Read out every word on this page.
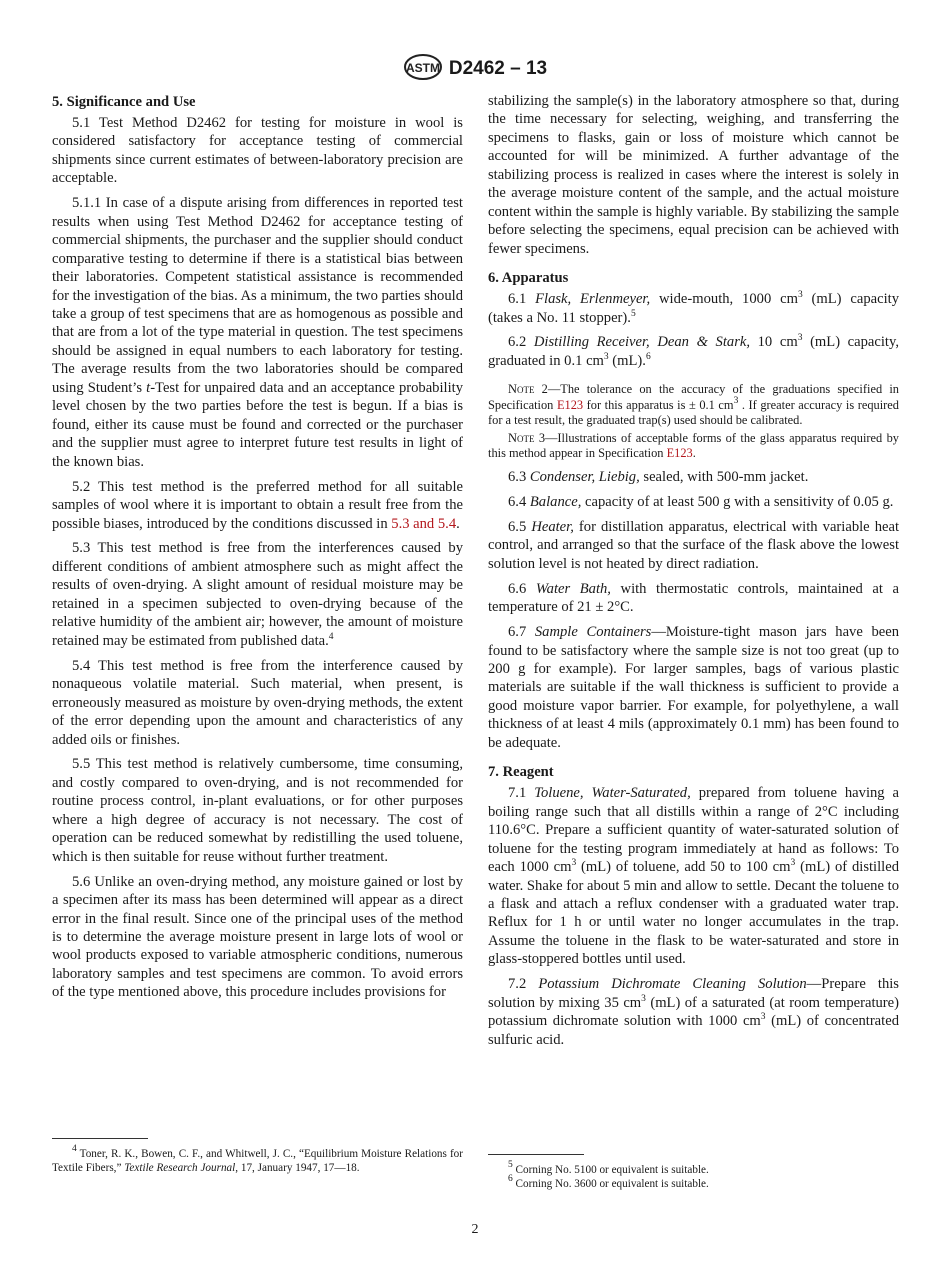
ASTM D2462 – 13
5. Significance and Use

5.1 Test Method D2462 for testing for moisture in wool is considered satisfactory for acceptance testing of commercial shipments since current estimates of between-laboratory precision are acceptable.

5.1.1 In case of a dispute arising from differences in reported test results when using Test Method D2462 for acceptance testing of commercial shipments, the purchaser and the supplier should conduct comparative testing to determine if there is a statistical bias between their laboratories. Competent statistical assistance is recommended for the investigation of the bias. As a minimum, the two parties should take a group of test specimens that are as homogenous as possible and that are from a lot of the type material in question. The test specimens should be assigned in equal numbers to each laboratory for testing. The average results from the two laboratories should be compared using Student’s t-Test for unpaired data and an acceptance probability level chosen by the two parties before the test is begun. If a bias is found, either its cause must be found and corrected or the purchaser and the supplier must agree to interpret future test results in light of the known bias.

5.2 This test method is the preferred method for all suitable samples of wool where it is important to obtain a result free from the possible biases, introduced by the conditions discussed in 5.3 and 5.4.

5.3 This test method is free from the interferences caused by different conditions of ambient atmosphere such as might affect the results of oven-drying. A slight amount of residual moisture may be retained in a specimen subjected to oven-drying because of the relative humidity of the ambient air; however, the amount of moisture retained may be estimated from published data.$^4$

5.4 This test method is free from the interference caused by nonaqueous volatile material. Such material, when present, is erroneously measured as moisture by oven-drying methods, the extent of the error depending upon the amount and characteristics of any added oils or finishes.

5.5 This test method is relatively cumbersome, time consuming, and costly compared to oven-drying, and is not recommended for routine process control, in-plant evaluations, or for other purposes where a high degree of accuracy is not necessary. The cost of operation can be reduced somewhat by redistilling the used toluene, which is then suitable for reuse without further treatment.

5.6 Unlike an oven-drying method, any moisture gained or lost by a specimen after its mass has been determined will appear as a direct error in the final result. Since one of the principal uses of the method is to determine the average moisture present in large lots of wool or wool products exposed to variable atmospheric conditions, numerous laboratory samples and test specimens are common. To avoid errors of the type mentioned above, this procedure includes provisions for

stabilizing the sample(s) in the laboratory atmosphere so that, during the time necessary for selecting, weighing, and transferring the specimens to flasks, gain or loss of moisture which cannot be accounted for will be minimized. A further advantage of the stabilizing process is realized in cases where the interest is solely in the average moisture content of the sample, and the actual moisture content within the sample is highly variable. By stabilizing the sample before selecting the specimens, equal precision can be achieved with fewer specimens.

6. Apparatus

6.1 Flask, Erlenmeyer, wide-mouth, 1000 $cm^3$ (mL) capacity (takes a No. 11 stopper).$^5$

6.2 Distilling Receiver, Dean & Stark, 10 $cm^3$ (mL) capacity, graduated in 0.1 $cm^3$ (mL).$^6$

Note 2—The tolerance on the accuracy of the graduations specified in Specification E123 for this apparatus is ± 0.1 $cm^3$ . If greater accuracy is required for a test result, the graduated trap(s) used should be calibrated.

Note 3—Illustrations of acceptable forms of the glass apparatus required by this method appear in Specification E123.

6.3 Condenser, Liebig, sealed, with 500-mm jacket.

6.4 Balance, capacity of at least 500 g with a sensitivity of 0.05 g.

6.5 Heater, for distillation apparatus, electrical with variable heat control, and arranged so that the surface of the flask above the lowest solution level is not heated by direct radiation.

6.6 Water Bath, with thermostatic controls, maintained at a temperature of 21 ± 2°C.

6.7 Sample Containers—Moisture-tight mason jars have been found to be satisfactory where the sample size is not too great (up to 200 g for example). For larger samples, bags of various plastic materials are suitable if the wall thickness is sufficient to provide a good moisture vapor barrier. For example, for polyethylene, a wall thickness of at least 4 mils (approximately 0.1 mm) has been found to be adequate.

7. Reagent

7.1 Toluene, Water-Saturated, prepared from toluene having a boiling range such that all distills within a range of 2°C including 110.6°C. Prepare a sufficient quantity of water-saturated solution of toluene for the testing program immediately at hand as follows: To each 1000 $cm^3$ (mL) of toluene, add 50 to 100 $cm^3$ (mL) of distilled water. Shake for about 5 min and allow to settle. Decant the toluene to a flask and attach a reflux condenser with a graduated water trap. Reflux for 1 h or until water no longer accumulates in the trap. Assume the toluene in the flask to be water-saturated and store in glass-stoppered bottles until used.

7.2 Potassium Dichromate Cleaning Solution—Prepare this solution by mixing 35 $cm^3$ (mL) of a saturated (at room temperature) potassium dichromate solution with 1000 $cm^3$ (mL) of concentrated sulfuric acid.

$^4$ Toner, R. K., Bowen, C. F., and Whitwell, J. C., “Equilibrium Moisture Relations for Textile Fibers,” Textile Research Journal, 17, January 1947, 17—18.	$^5$ Corning No. 5100 or equivalent is suitable.

$^6$ Corning No. 3600 or equivalent is suitable.

2
